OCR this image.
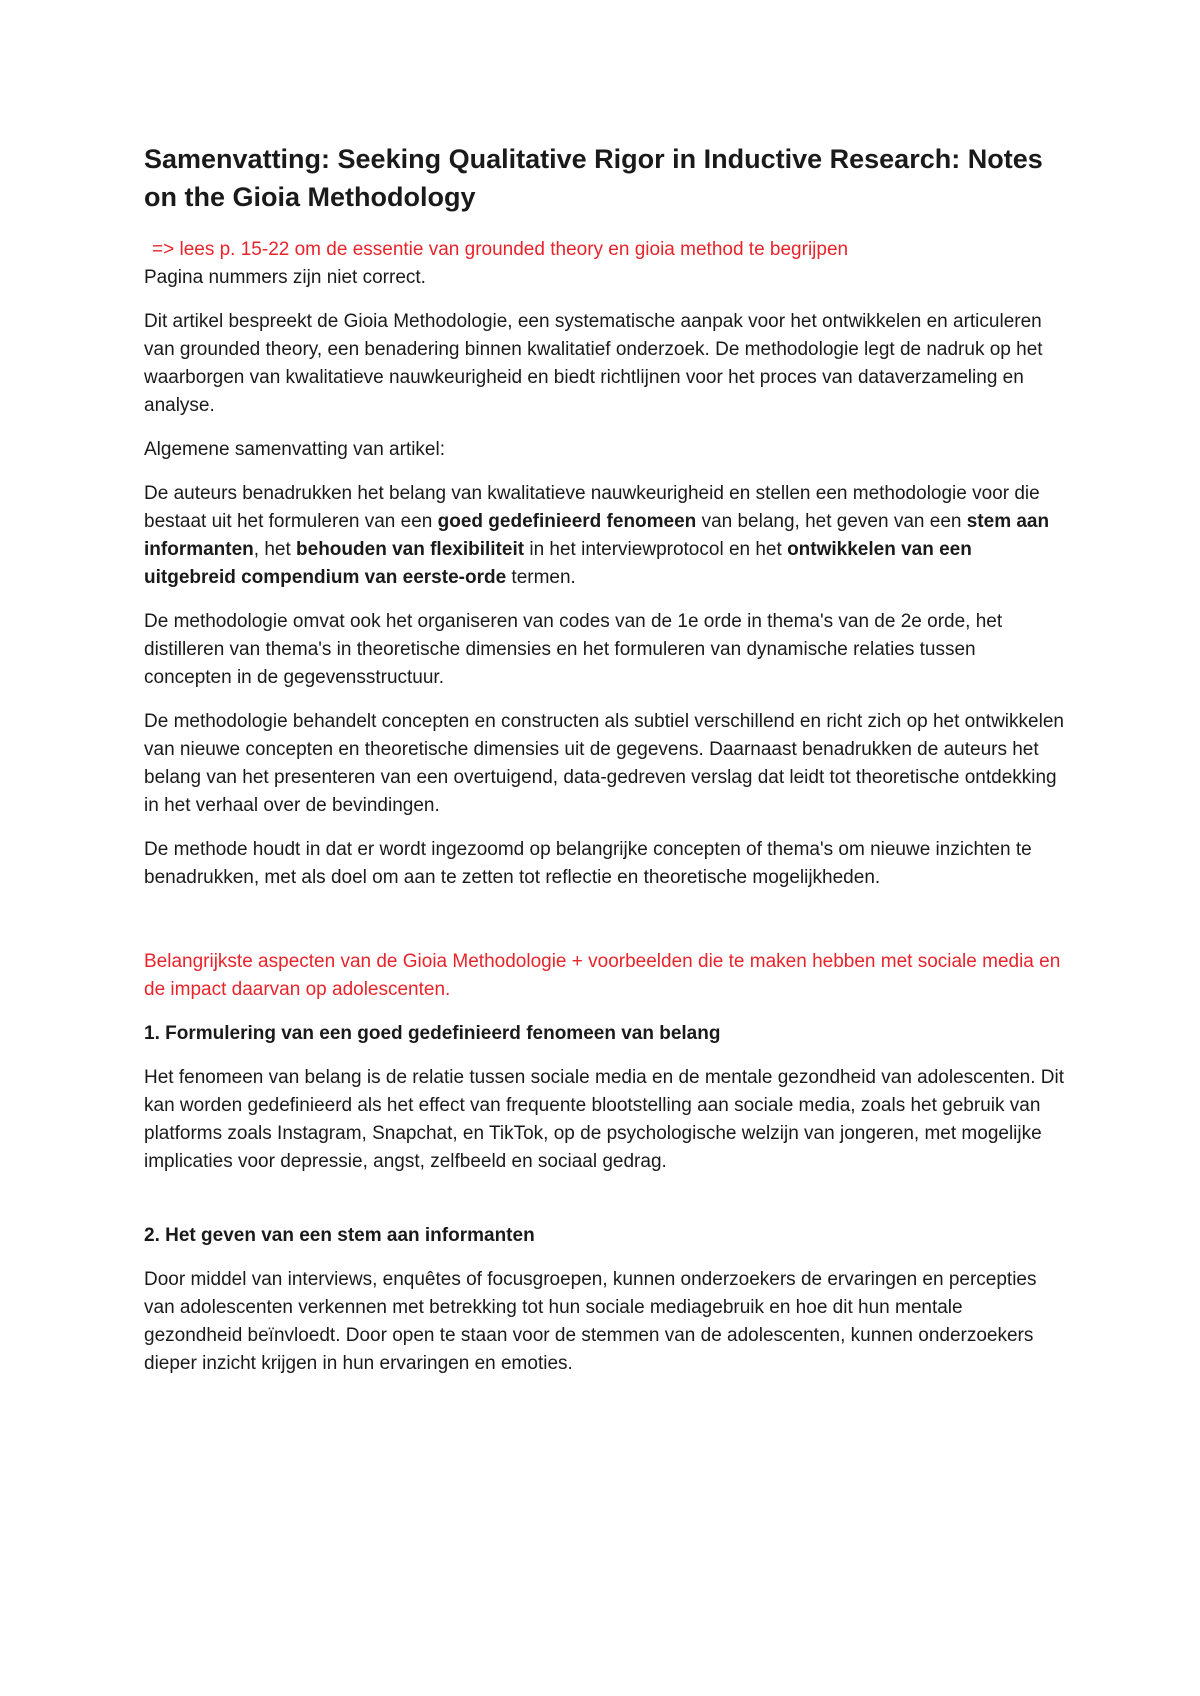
Samenvatting: Seeking Qualitative Rigor in Inductive Research: Notes on the Gioia Methodology
=> lees p. 15-22 om de essentie van grounded theory en gioia method te begrijpen
Pagina nummers zijn niet correct.

Dit artikel bespreekt de Gioia Methodologie, een systematische aanpak voor het ontwikkelen en articuleren van grounded theory, een benadering binnen kwalitatief onderzoek. De methodologie legt de nadruk op het waarborgen van kwalitatieve nauwkeurigheid en biedt richtlijnen voor het proces van dataverzameling en analyse.

Algemene samenvatting van artikel:

De auteurs benadrukken het belang van kwalitatieve nauwkeurigheid en stellen een methodologie voor die bestaat uit het formuleren van een goed gedefinieerd fenomeen van belang, het geven van een stem aan informanten, het behouden van flexibiliteit in het interviewprotocol en het ontwikkelen van een uitgebreid compendium van eerste-orde termen.

De methodologie omvat ook het organiseren van codes van de 1e orde in thema's van de 2e orde, het distilleren van thema's in theoretische dimensies en het formuleren van dynamische relaties tussen concepten in de gegevensstructuur.

De methodologie behandelt concepten en constructen als subtiel verschillend en richt zich op het ontwikkelen van nieuwe concepten en theoretische dimensies uit de gegevens. Daarnaast benadrukken de auteurs het belang van het presenteren van een overtuigend, data-gedreven verslag dat leidt tot theoretische ontdekking in het verhaal over de bevindingen.

De methode houdt in dat er wordt ingezoomd op belangrijke concepten of thema's om nieuwe inzichten te benadrukken, met als doel om aan te zetten tot reflectie en theoretische mogelijkheden.

Belangrijkste aspecten van de Gioia Methodologie + voorbeelden die te maken hebben met sociale media en de impact daarvan op adolescenten.

1. Formulering van een goed gedefinieerd fenomeen van belang

Het fenomeen van belang is de relatie tussen sociale media en de mentale gezondheid van adolescenten. Dit kan worden gedefinieerd als het effect van frequente blootstelling aan sociale media, zoals het gebruik van platforms zoals Instagram, Snapchat, en TikTok, op de psychologische welzijn van jongeren, met mogelijke implicaties voor depressie, angst, zelfbeeld en sociaal gedrag.

2. Het geven van een stem aan informanten

Door middel van interviews, enquêtes of focusgroepen, kunnen onderzoekers de ervaringen en percepties van adolescenten verkennen met betrekking tot hun sociale mediagebruik en hoe dit hun mentale gezondheid beïnvloedt. Door open te staan voor de stemmen van de adolescenten, kunnen onderzoekers dieper inzicht krijgen in hun ervaringen en emoties.
